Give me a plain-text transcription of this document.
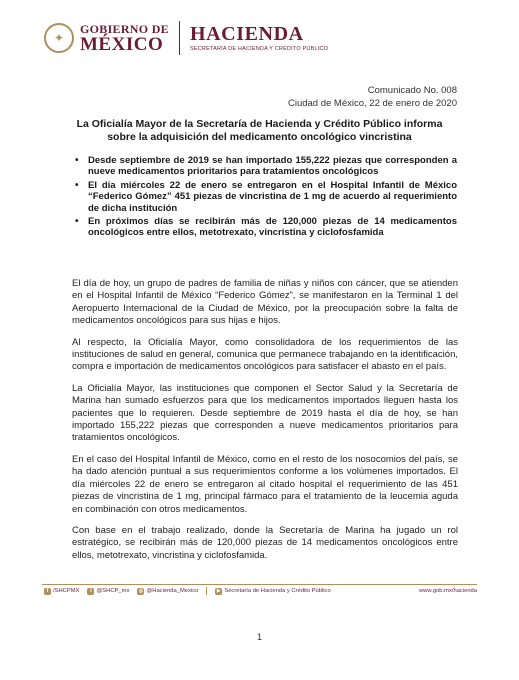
✦
GOBIERNO DE
MÉXICO HACIENDA
SECRETARÍA DE HACIENDA Y CRÉDITO PÚBLICO
Comunicado No. 008
Ciudad de México, 22 de enero de 2020
La Oficialía Mayor de la Secretaría de Hacienda y Crédito Público informa sobre la adquisición del medicamento oncológico vincristina
• Desde septiembre de 2019 se han importado 155,222 piezas que corresponden a nueve medicamentos prioritarios para tratamientos oncológicos
• El día miércoles 22 de enero se entregaron en el Hospital Infantil de México “Federico Gómez” 451 piezas de vincristina de 1 mg de acuerdo al requerimiento de dicha institución
• En próximos días se recibirán más de 120,000 piezas de 14 medicamentos oncológicos entre ellos, metotrexato, vincristina y ciclofosfamida

El día de hoy, un grupo de padres de familia de niñas y niños con cáncer, que se atienden en el Hospital Infantil de México “Federico Gómez”, se manifestaron en la Terminal 1 del Aeropuerto Internacional de la Ciudad de México, por la preocupación sobre la falta de medicamentos oncológicos para sus hijas e hijos.

Al respecto, la Oficialía Mayor, como consolidadora de los requerimientos de las instituciones de salud en general, comunica que permanece trabajando en la identificación, compra e importación de medicamentos oncológicos para satisfacer el abasto en el país.

La Oficialía Mayor, las instituciones que componen el Sector Salud y la Secretaría de Marina han sumado esfuerzos para que los medicamentos importados lleguen hasta los pacientes que lo requieren. Desde septiembre de 2019 hasta el día de hoy, se han importado 155,222 piezas que corresponden a nueve medicamentos prioritarios para tratamientos oncológicos.

En el caso del Hospital Infantil de México, como en el resto de los nosocomios del país, se ha dado atención puntual a sus requerimientos conforme a los volúmenes importados. El día miércoles 22 de enero se entregaron al citado hospital el requerimiento de las 451 piezas de vincristina de 1 mg, principal fármaco para el tratamiento de la leucemia aguda en combinación con otros medicamentos.

Con base en el trabajo realizado, donde la Secretaría de Marina ha jugado un rol estratégico, se recibirán más de 120,000 piezas de 14 medicamentos oncológicos entre ellos, metotrexato, vincristina y ciclofosfamida.

f /SHCPMX	t @SHCP_mx ◎ @Hacienda_Mexico	▶ Secretaría de Hacienda y Crédito Público	www.gob.mx/hacienda
1
